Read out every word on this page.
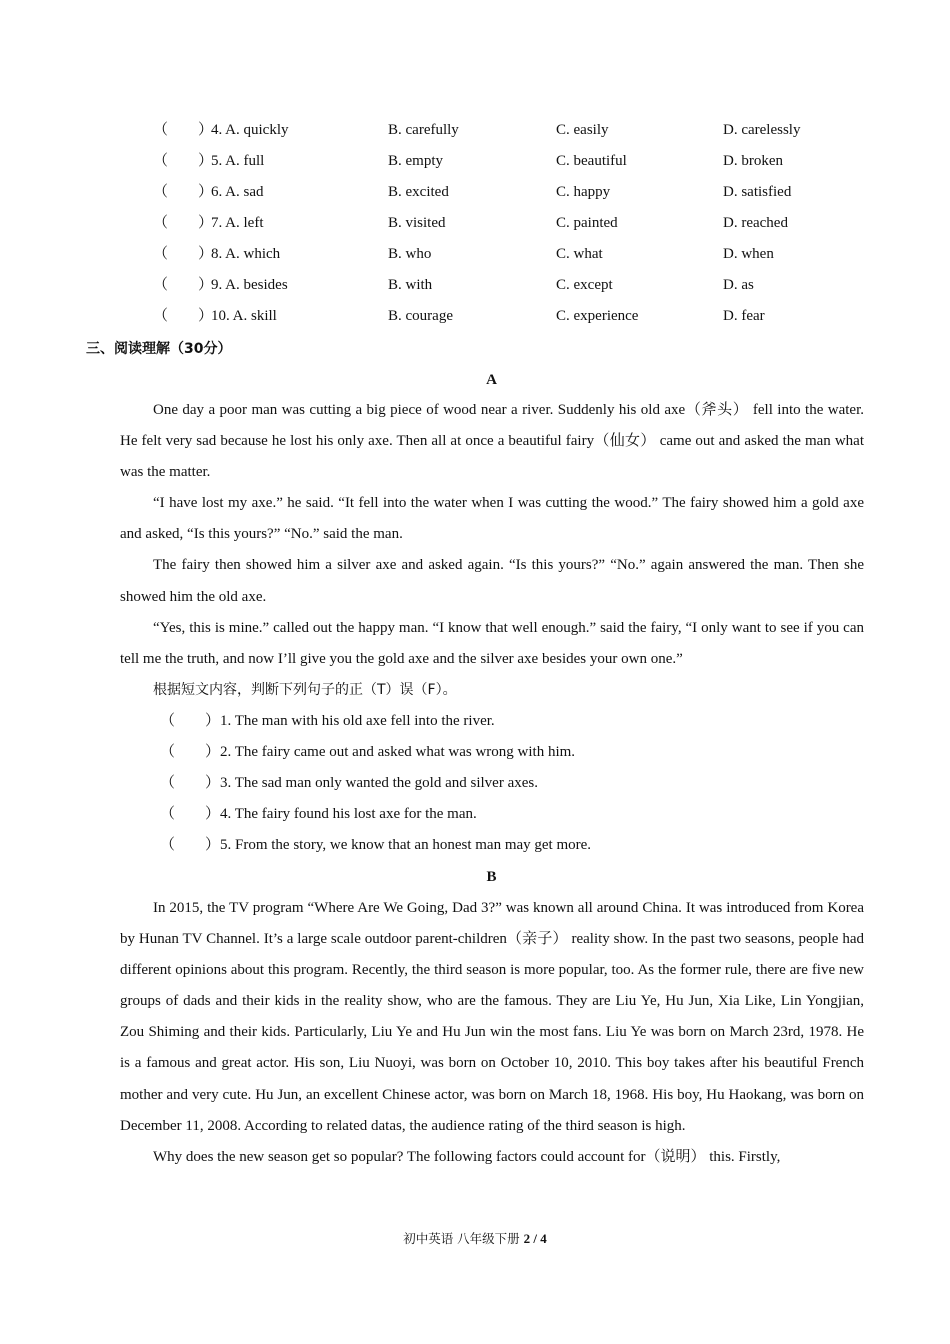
（　　）
4. A. quickly	B. carefully	C. easily	D. carelessly
（　　）
5. A. full	B. empty	C. beautiful	D. broken
（　　）
6. A. sad	B. excited	C. happy	D. satisfied
（　　）
7. A. left	B. visited	C. painted	D. reached
（　　）
8. A. which	B. who	C. what	D. when
（　　）
9. A. besides	B. with	C. except	D. as
（　　）
10. A. skill	B. courage	C. experience	D. fear
三、阅读理解（30分）
A

One day a poor man was cutting a big piece of wood near a river. Suddenly his old axe（斧头） fell into the water. He felt very sad because he lost his only axe. Then all at once a beautiful fairy（仙女） came out and asked the man what was the matter.

“I have lost my axe.” he said. “It fell into the water when I was cutting the wood.” The fairy showed him a gold axe and asked, “Is this yours?” “No.” said the man.

The fairy then showed him a silver axe and asked again. “Is this yours?” “No.” again answered the man. Then she showed him the old axe.

“Yes, this is mine.” called out the happy man. “I know that well enough.” said the fairy, “I only want to see if you can tell me the truth, and now I’ll give you the gold axe and the silver axe besides your own one.”

根据短文内容，判断下列句子的正（T）误（F）。
（　　）1. The man with his old axe fell into the river.
（　　）2. The fairy came out and asked what was wrong with him.
（　　）3. The sad man only wanted the gold and silver axes.
（　　）4. The fairy found his lost axe for the man.
（　　）5. From the story, we know that an honest man may get more.
B

In 2015, the TV program “Where Are We Going, Dad 3?” was known all around China. It was introduced from Korea by Hunan TV Channel. It’s a large scale outdoor parent-children（亲子） reality show. In the past two seasons, people had different opinions about this program. Recently, the third season is more popular, too. As the former rule, there are five new groups of dads and their kids in the reality show, who are the famous. They are Liu Ye, Hu Jun, Xia Like, Lin Yongjian, Zou Shiming and their kids. Particularly, Liu Ye and Hu Jun win the most fans. Liu Ye was born on March 23rd, 1978. He is a famous and great actor. His son, Liu Nuoyi, was born on October 10, 2010. This boy takes after his beautiful French mother and very cute. Hu Jun, an excellent Chinese actor, was born on March 18, 1968. His boy, Hu Haokang, was born on December 11, 2008. According to related datas, the audience rating of the third season is high.

Why does the new season get so popular? The following factors could account for（说明） this. Firstly,

初中英语 八年级下册 2 / 4
